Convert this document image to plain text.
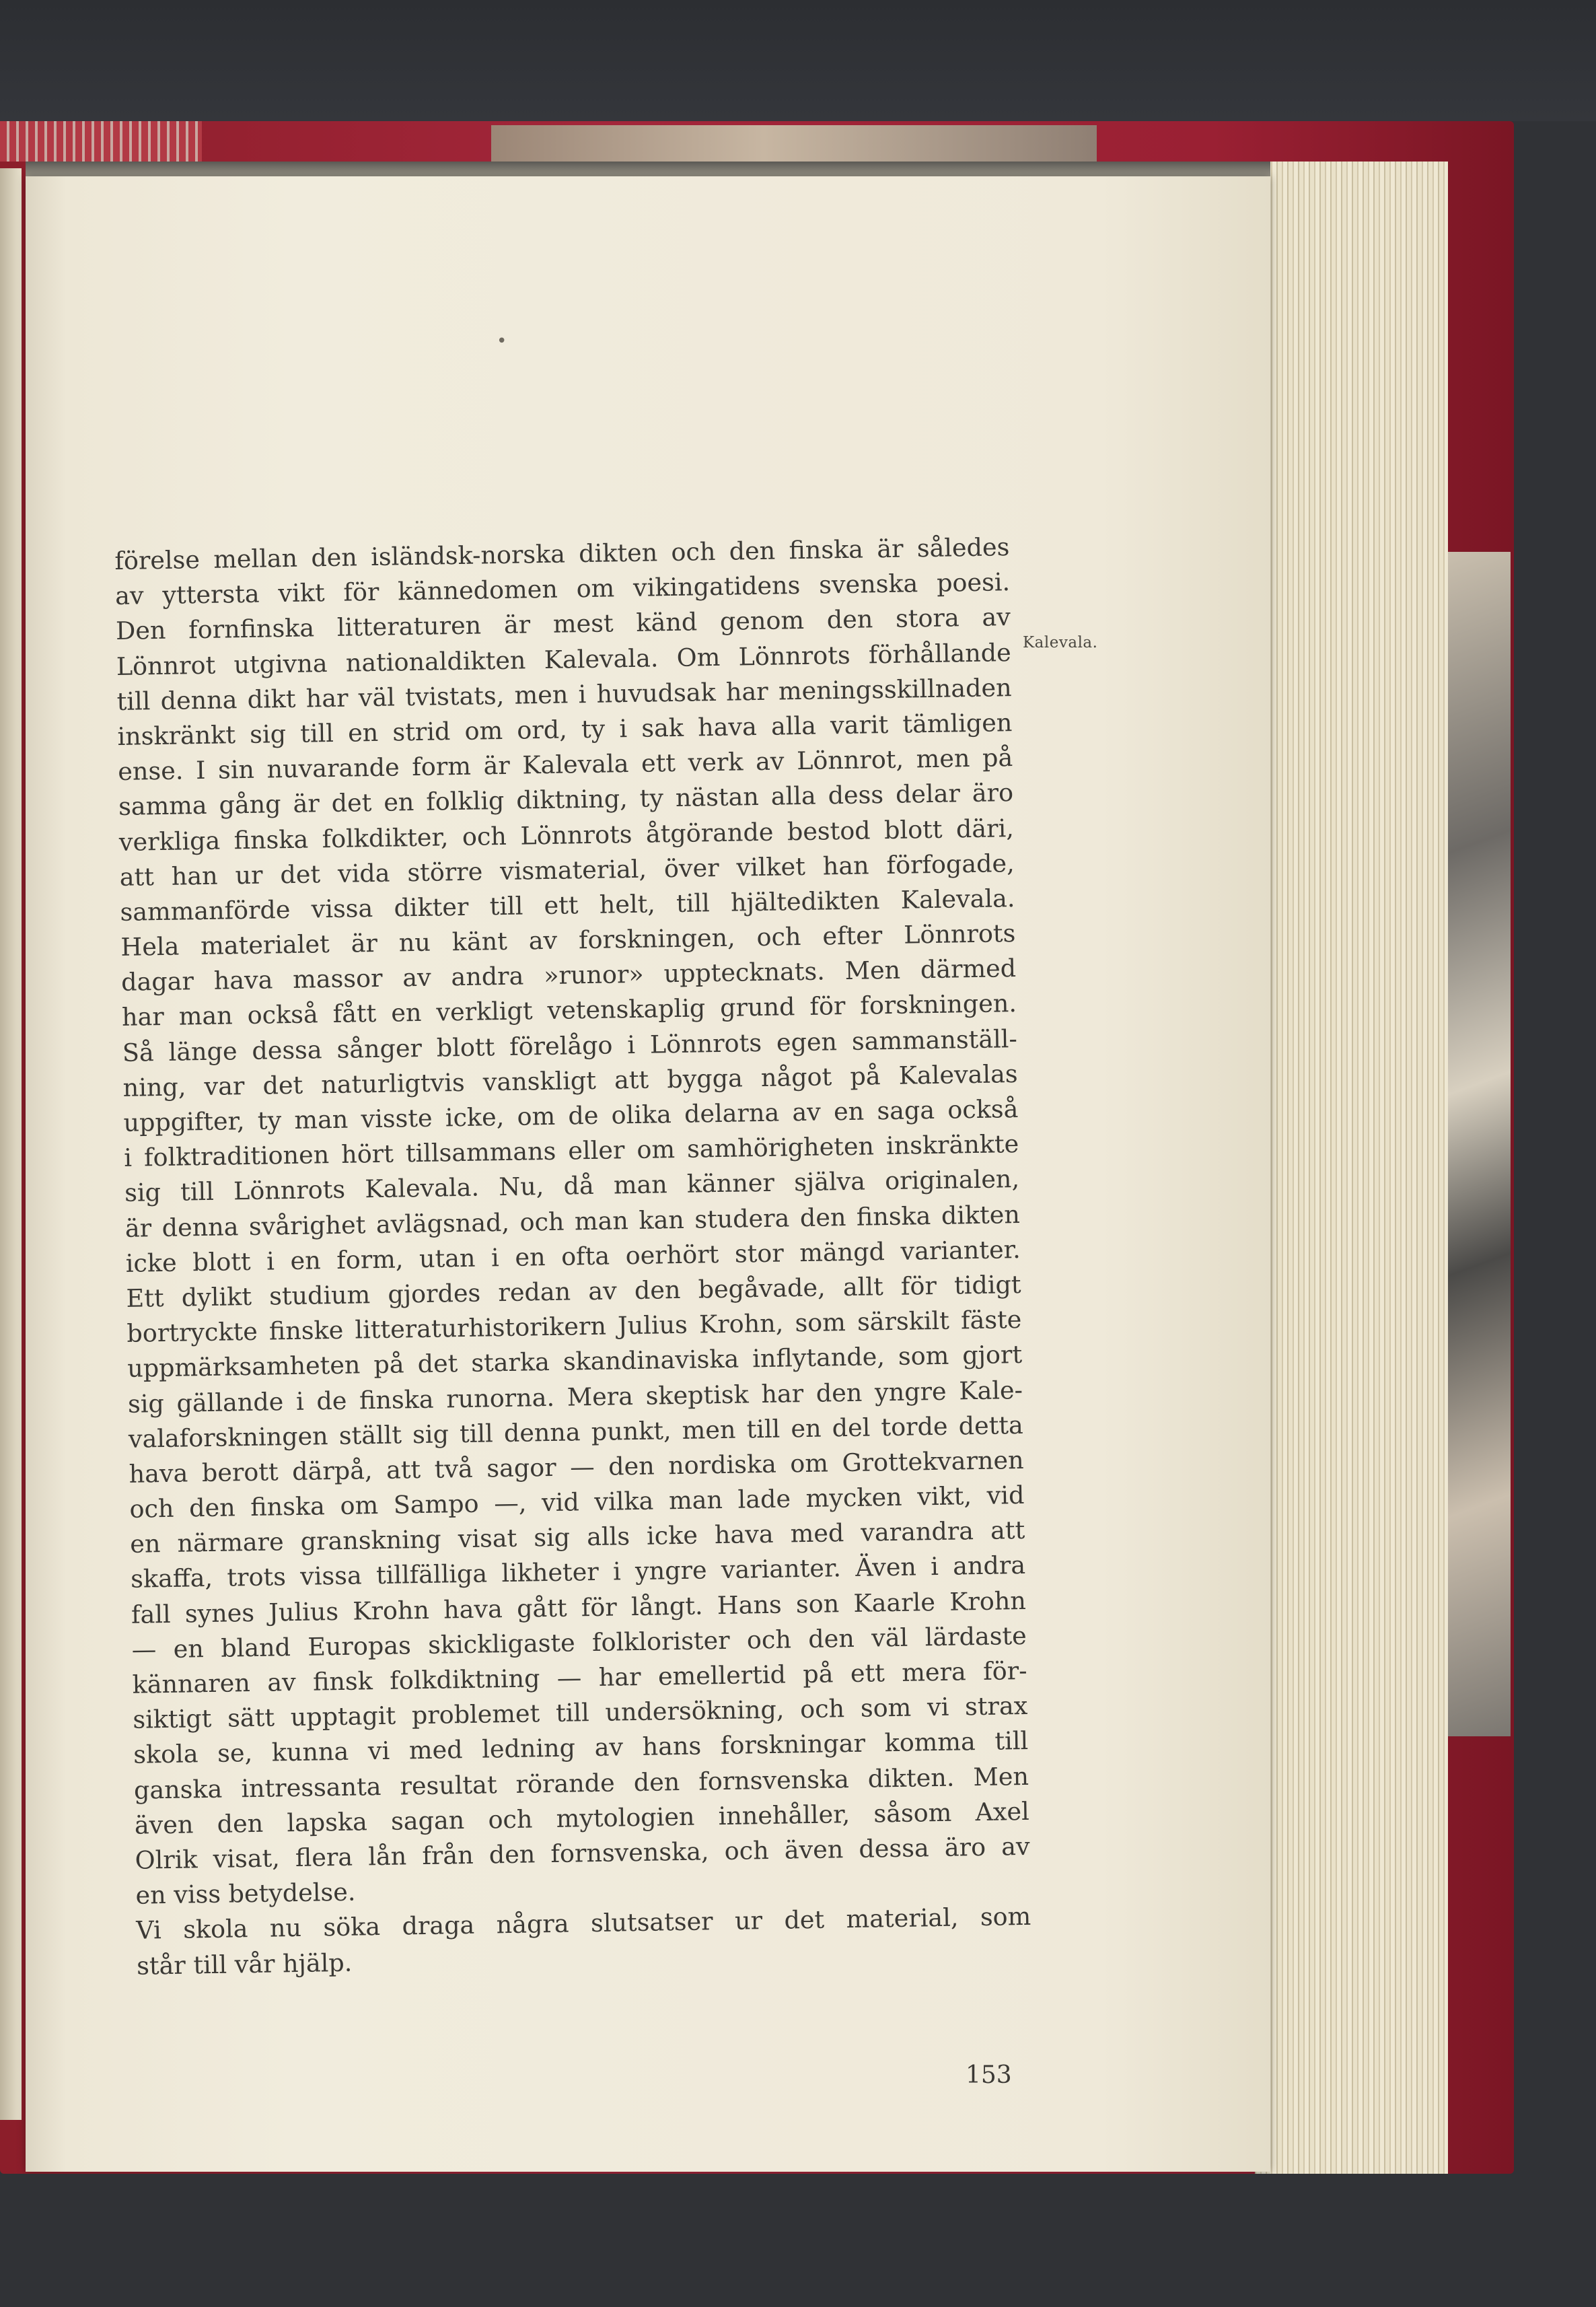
•
förelse mellan den isländsk-norska dikten och den finska är således
av yttersta vikt för kännedomen om vikingatidens svenska poesi.
Den fornfinska litteraturen är mest känd genom den stora av
Lönnrot utgivna nationaldikten Kalevala. Om Lönnrots förhållande
till denna dikt har väl tvistats, men i huvudsak har meningsskillnaden
inskränkt sig till en strid om ord, ty i sak hava alla varit tämligen
ense. I sin nuvarande form är Kalevala ett verk av Lönnrot, men på
samma gång är det en folklig diktning, ty nästan alla dess delar äro
verkliga finska folkdikter, och Lönnrots åtgörande bestod blott däri,
att han ur det vida större vismaterial, över vilket han förfogade,
sammanförde vissa dikter till ett helt, till hjältedikten Kalevala.
Hela materialet är nu känt av forskningen, och efter Lönnrots
dagar hava massor av andra »runor» upptecknats. Men därmed
har man också fått en verkligt vetenskaplig grund för forskningen.
Så länge dessa sånger blott förelågo i Lönnrots egen sammanställ-
ning, var det naturligtvis vanskligt att bygga något på Kalevalas
uppgifter, ty man visste icke, om de olika delarna av en saga också
i folktraditionen hört tillsammans eller om samhörigheten inskränkte
sig till Lönnrots Kalevala. Nu, då man känner själva originalen,
är denna svårighet avlägsnad, och man kan studera den finska dikten
icke blott i en form, utan i en ofta oerhört stor mängd varianter.
Ett dylikt studium gjordes redan av den begåvade, allt för tidigt
bortryckte finske litteraturhistorikern Julius Krohn, som särskilt fäste
uppmärksamheten på det starka skandinaviska inflytande, som gjort
sig gällande i de finska runorna. Mera skeptisk har den yngre Kale-
valaforskningen ställt sig till denna punkt, men till en del torde detta
hava berott därpå, att två sagor — den nordiska om Grottekvarnen
och den finska om Sampo —, vid vilka man lade mycken vikt, vid
en närmare granskning visat sig alls icke hava med varandra att
skaffa, trots vissa tillfälliga likheter i yngre varianter. Även i andra
fall synes Julius Krohn hava gått för långt. Hans son Kaarle Krohn
— en bland Europas skickligaste folklorister och den väl lärdaste
kännaren av finsk folkdiktning — har emellertid på ett mera för-
siktigt sätt upptagit problemet till undersökning, och som vi strax
skola se, kunna vi med ledning av hans forskningar komma till
ganska intressanta resultat rörande den fornsvenska dikten. Men
även den lapska sagan och mytologien innehåller, såsom Axel
Olrik visat, flera lån från den fornsvenska, och även dessa äro av
en viss betydelse.
Vi skola nu söka draga några slutsatser ur det material, som
står till vår hjälp.
Kalevala.
153
